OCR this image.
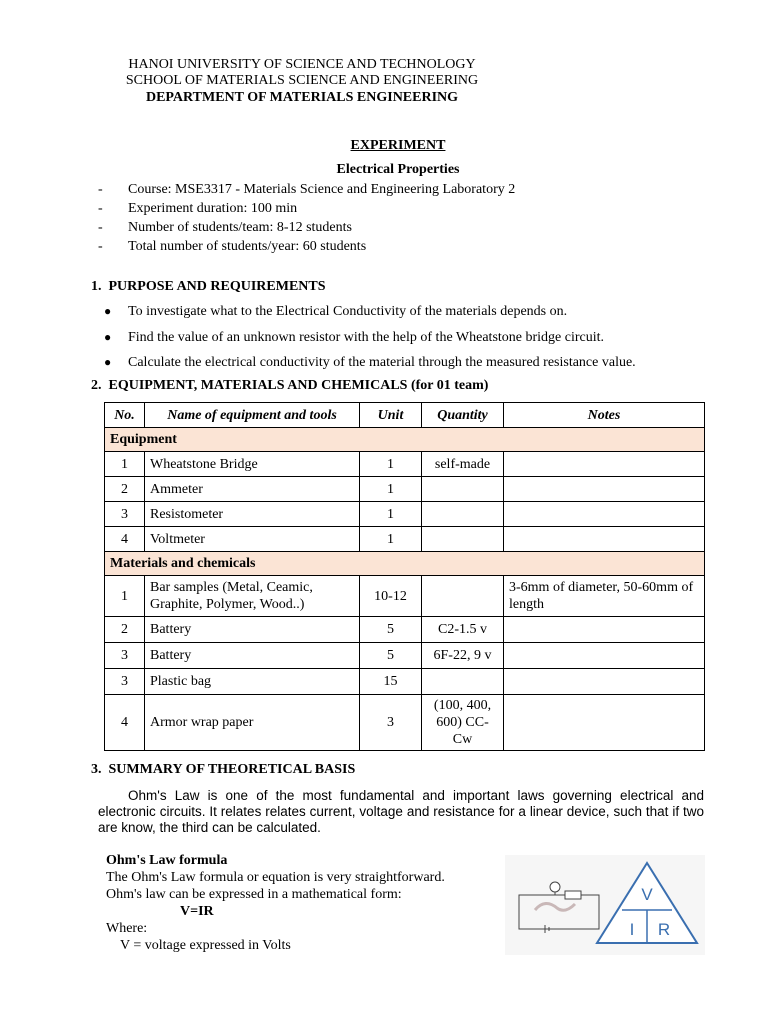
HANOI UNIVERSITY OF SCIENCE AND TECHNOLOGY
SCHOOL OF MATERIALS SCIENCE AND ENGINEERING
DEPARTMENT OF MATERIALS ENGINEERING
EXPERIMENT
Electrical Properties
- Course: MSE3317 - Materials Science and Engineering Laboratory 2
- Experiment duration: 100 min
- Number of students/team: 8-12 students
- Total number of students/year: 60 students
1.  PURPOSE AND REQUIREMENTS
● To investigate what to the Electrical Conductivity of the materials depends on.
● Find the value of an unknown resistor with the help of the Wheatstone bridge circuit.
● Calculate the electrical conductivity of the material through the measured resistance value.
2.  EQUIPMENT, MATERIALS AND CHEMICALS (for 01 team)
No.	Name of equipment and tools	Unit	Quantity	Notes
Equipment				
1	Wheatstone Bridge	1	self-made	
2	Ammeter	1		
3	Resistometer	1		
4	Voltmeter	1		
Materials and chemicals				
1	Bar samples (Metal, Ceamic, Graphite, Polymer, Wood..)	10-12		3-6mm of diameter, 50-60mm of length
2	Battery	5	C2-1.5 v	
3	Battery	5	6F-22, 9 v	
3	Plastic bag	15		
4	Armor wrap paper	3	(100, 400, 600) CC-Cw	
3.  SUMMARY OF THEORETICAL BASIS
Ohm's Law is one of the most fundamental and important laws governing electrical and electronic circuits. It relates relates current, voltage and resistance for a linear device, such that if two are know, the third can be calculated.
Ohm's Law formula
The Ohm's Law formula or equation is very straightforward.
Ohm's law can be expressed in a mathematical form:
V=IR
Where:
V = voltage expressed in Volts
V
I R
